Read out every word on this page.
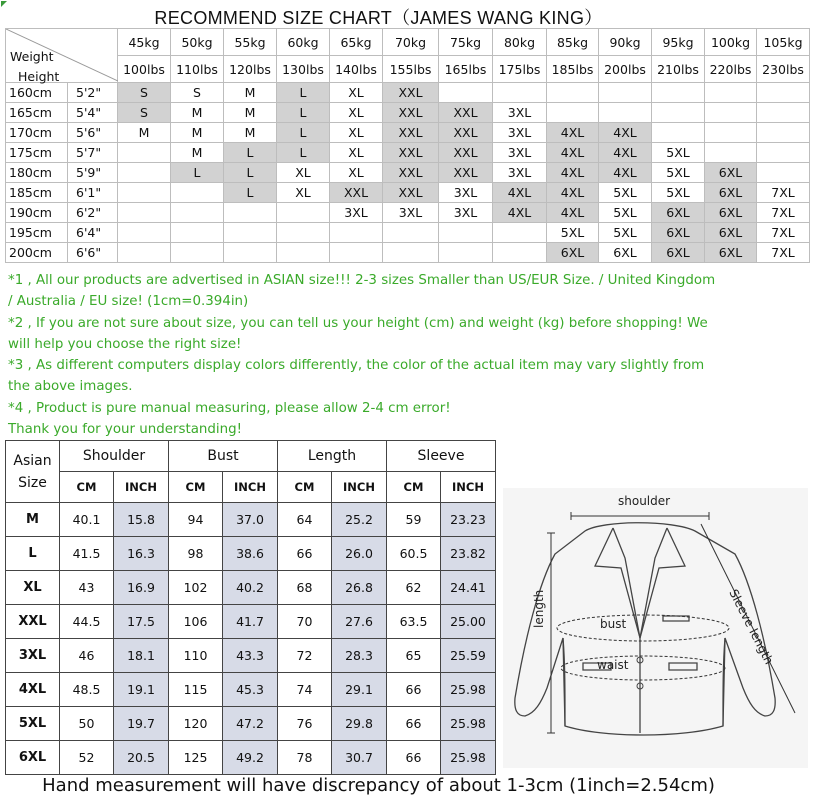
RECOMMEND SIZE CHART（JAMES WANG KING）
Weight
Height		45kg	50kg	55kg	60kg	65kg	70kg	75kg	80kg	85kg	90kg	95kg	100kg	105kg
		100lbs	110lbs	120lbs	130lbs	140lbs	155lbs	165lbs	175lbs	185lbs	200lbs	210lbs	220lbs	230lbs
160cm	5'2"	S	S	M	L	XL	XXL							
165cm	5'4"	S	M	M	L	XL	XXL	XXL	3XL					
170cm	5'6"	M	M	M	L	XL	XXL	XXL	3XL	4XL	4XL			
175cm	5'7"		M	L	L	XL	XXL	XXL	3XL	4XL	4XL	5XL		
180cm	5'9"		L	L	XL	XL	XXL	XXL	3XL	4XL	4XL	5XL	6XL	
185cm	6'1"			L	XL	XXL	XXL	3XL	4XL	4XL	5XL	5XL	6XL	7XL
190cm	6'2"					3XL	3XL	3XL	4XL	4XL	5XL	6XL	6XL	7XL
195cm	6'4"									5XL	5XL	6XL	6XL	7XL
200cm	6'6"									6XL	6XL	6XL	6XL	7XL
*1 , All our products are advertised in ASIAN size!!! 2-3 sizes Smaller than US/EUR Size. / United Kingdom
/ Australia / EU size! (1cm=0.394in)
*2 , If you are not sure about size, you can tell us your height (cm) and weight (kg) before shopping! We
will help you choose the right size!
*3 , As different computers display colors differently, the color of the actual item may vary slightly from
the above images.
*4 , Product is pure manual measuring, please allow 2-4 cm error!
Thank you for your understanding!
Asian
Size	Shoulder		Bust		Length		Sleeve	
	CM	INCH	CM	INCH	CM	INCH	CM	INCH
M	40.1	15.8	94	37.0	64	25.2	59	23.23
L	41.5	16.3	98	38.6	66	26.0	60.5	23.82
XL	43	16.9	102	40.2	68	26.8	62	24.41
XXL	44.5	17.5	106	41.7	70	27.6	63.5	25.00
3XL	46	18.1	110	43.3	72	28.3	65	25.59
4XL	48.5	19.1	115	45.3	74	29.1	66	25.98
5XL	50	19.7	120	47.2	76	29.8	66	25.98
6XL	52	20.5	125	49.2	78	30.7	66	25.98
shoulder
length	bust
waist	Sleeve length
Hand measurement will have discrepancy of about 1-3cm (1inch=2.54cm)
